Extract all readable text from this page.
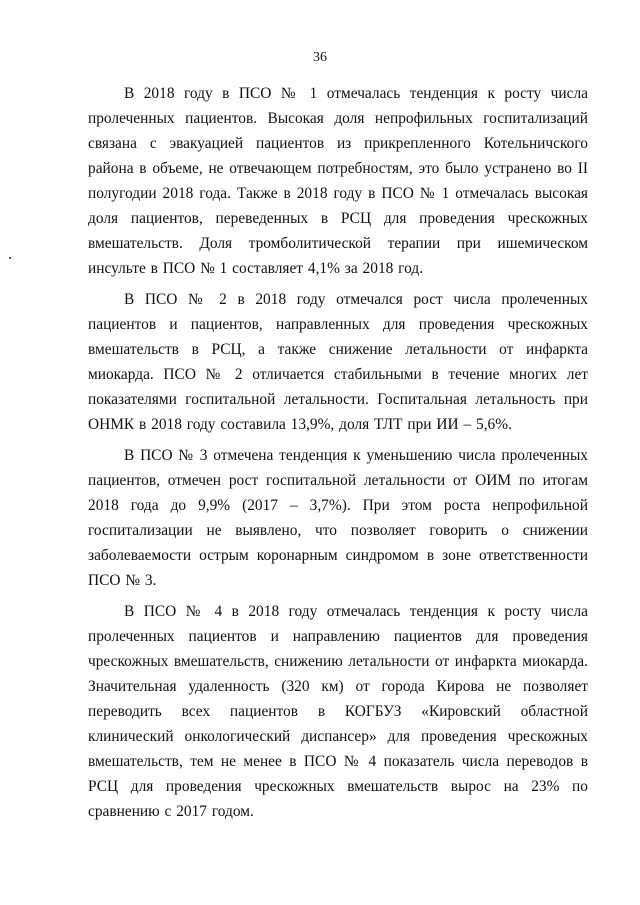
36

В 2018 году в ПСО № 1 отмечалась тенденция к росту числа пролеченных пациентов. Высокая доля непрофильных госпитализаций связана с эвакуацией пациентов из прикрепленного Котельничского района в объеме, не отвечающем потребностям, это было устранено во II полугодии 2018 года. Также в 2018 году в ПСО № 1 отмечалась высокая доля пациентов, переведенных в РСЦ для проведения чрескожных вмешательств. Доля тромболитической терапии при ишемическом инсульте в ПСО № 1 составляет 4,1% за 2018 год.

В ПСО № 2 в 2018 году отмечался рост числа пролеченных пациентов и пациентов, направленных для проведения чрескожных вмешательств в РСЦ, а также снижение летальности от инфаркта миокарда. ПСО № 2 отличается стабильными в течение многих лет показателями госпитальной летальности. Госпитальная летальность при ОНМК в 2018 году составила 13,9%, доля ТЛТ при ИИ – 5,6%.

В ПСО № 3 отмечена тенденция к уменьшению числа пролеченных пациентов, отмечен рост госпитальной летальности от ОИМ по итогам 2018 года до 9,9% (2017 – 3,7%). При этом роста непрофильной госпитализации не выявлено, что позволяет говорить о снижении заболеваемости острым коронарным синдромом в зоне ответственности ПСО № 3.

В ПСО № 4 в 2018 году отмечалась тенденция к росту числа пролеченных пациентов и направлению пациентов для проведения чрескожных вмешательств, снижению летальности от инфаркта миокарда. Значительная удаленность (320 км) от города Кирова не позволяет переводить всех пациентов в КОГБУЗ «Кировский областной клинический онкологический диспансер» для проведения чрескожных вмешательств, тем не менее в ПСО № 4 показатель числа переводов в РСЦ для проведения чрескожных вмешательств вырос на 23% по сравнению с 2017 годом.
